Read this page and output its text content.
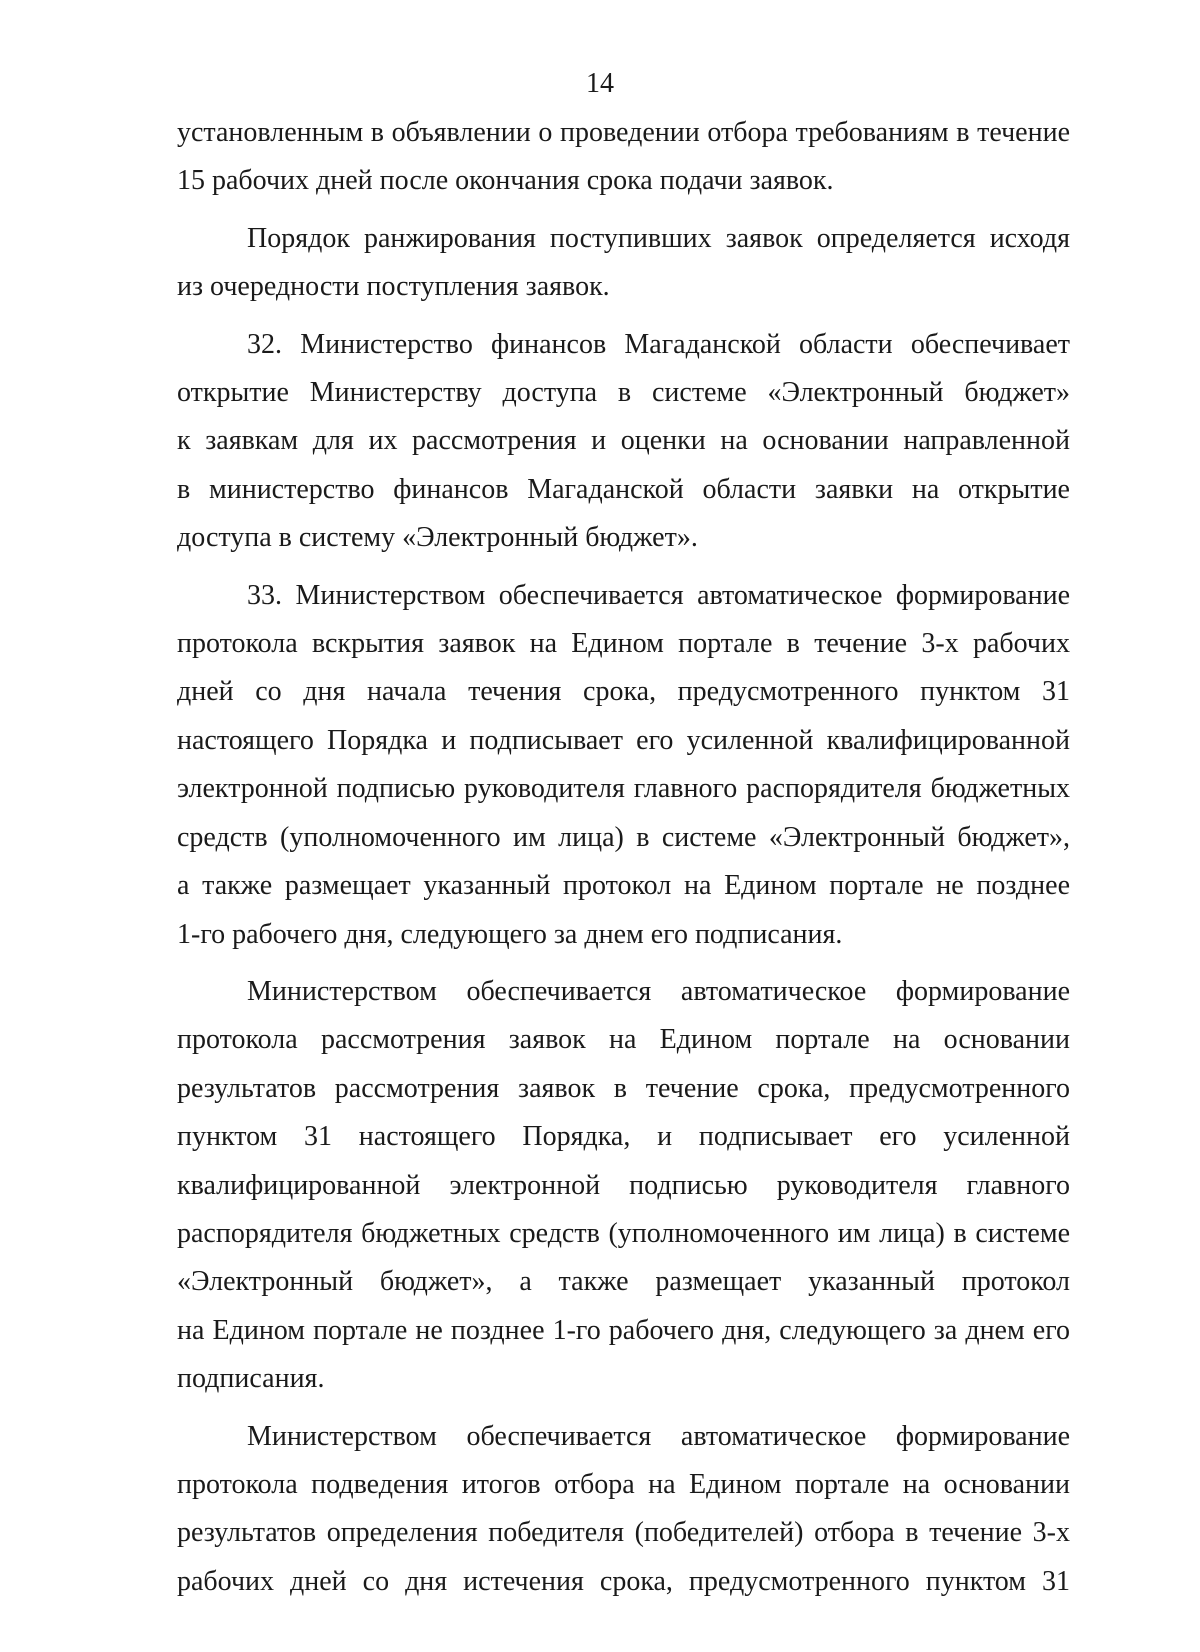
14

установленным в объявлении о проведении отбора требованиям в течение
15 рабочих дней после окончания срока подачи заявок.

Порядок ранжирования поступивших заявок определяется исходя
из очередности поступления заявок.

32. Министерство финансов Магаданской области обеспечивает
открытие Министерству доступа в системе «Электронный бюджет»
к заявкам для их рассмотрения и оценки на основании направленной
в министерство финансов Магаданской области заявки на открытие
доступа в систему «Электронный бюджет».

33. Министерством обеспечивается автоматическое формирование
протокола вскрытия заявок на Едином портале в течение 3-х рабочих
дней со дня начала течения срока, предусмотренного пунктом 31
настоящего Порядка и подписывает его усиленной квалифицированной
электронной подписью руководителя главного распорядителя бюджетных
средств (уполномоченного им лица) в системе «Электронный бюджет»,
а также размещает указанный протокол на Едином портале не позднее
1-го рабочего дня, следующего за днем его подписания.

Министерством обеспечивается автоматическое формирование
протокола рассмотрения заявок на Едином портале на основании
результатов рассмотрения заявок в течение срока, предусмотренного
пунктом 31 настоящего Порядка, и подписывает его усиленной
квалифицированной электронной подписью руководителя главного
распорядителя бюджетных средств (уполномоченного им лица) в системе
«Электронный бюджет», а также размещает указанный протокол
на Едином портале не позднее 1-го рабочего дня, следующего за днем его
подписания.

Министерством обеспечивается автоматическое формирование
протокола подведения итогов отбора на Едином портале на основании
результатов определения победителя (победителей) отбора в течение 3-х
рабочих дней со дня истечения срока, предусмотренного пунктом 31
